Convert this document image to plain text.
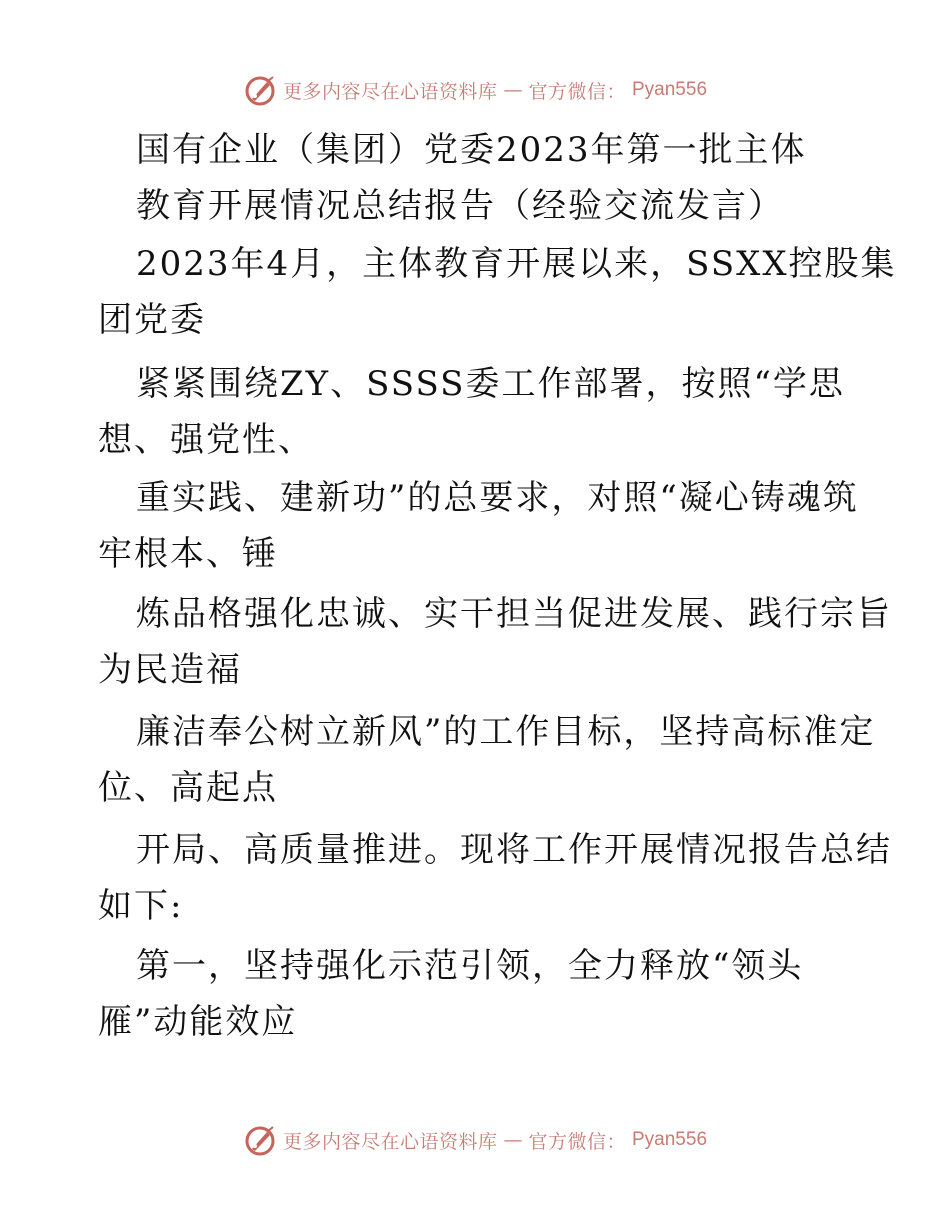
更多内容尽在心语资料库 — 官方微信： Pyan556
国有企业（集团）党委2023年第一批主体
教育开展情况总结报告（经验交流发言）
2023年4月，主体教育开展以来，SSXX控股集
团党委
紧紧围绕ZY、SSSS委工作部署，按照“学思
想、强党性、
重实践、建新功”的总要求，对照“凝心铸魂筑
牢根本、锤
炼品格强化忠诚、实干担当促进发展、践行宗旨
为民造福
廉洁奉公树立新风”的工作目标，坚持高标准定
位、高起点
开局、高质量推进。现将工作开展情况报告总结
如下:
第一，坚持强化示范引领，全力释放“领头
雁”动能效应
更多内容尽在心语资料库 — 官方微信： Pyan556
